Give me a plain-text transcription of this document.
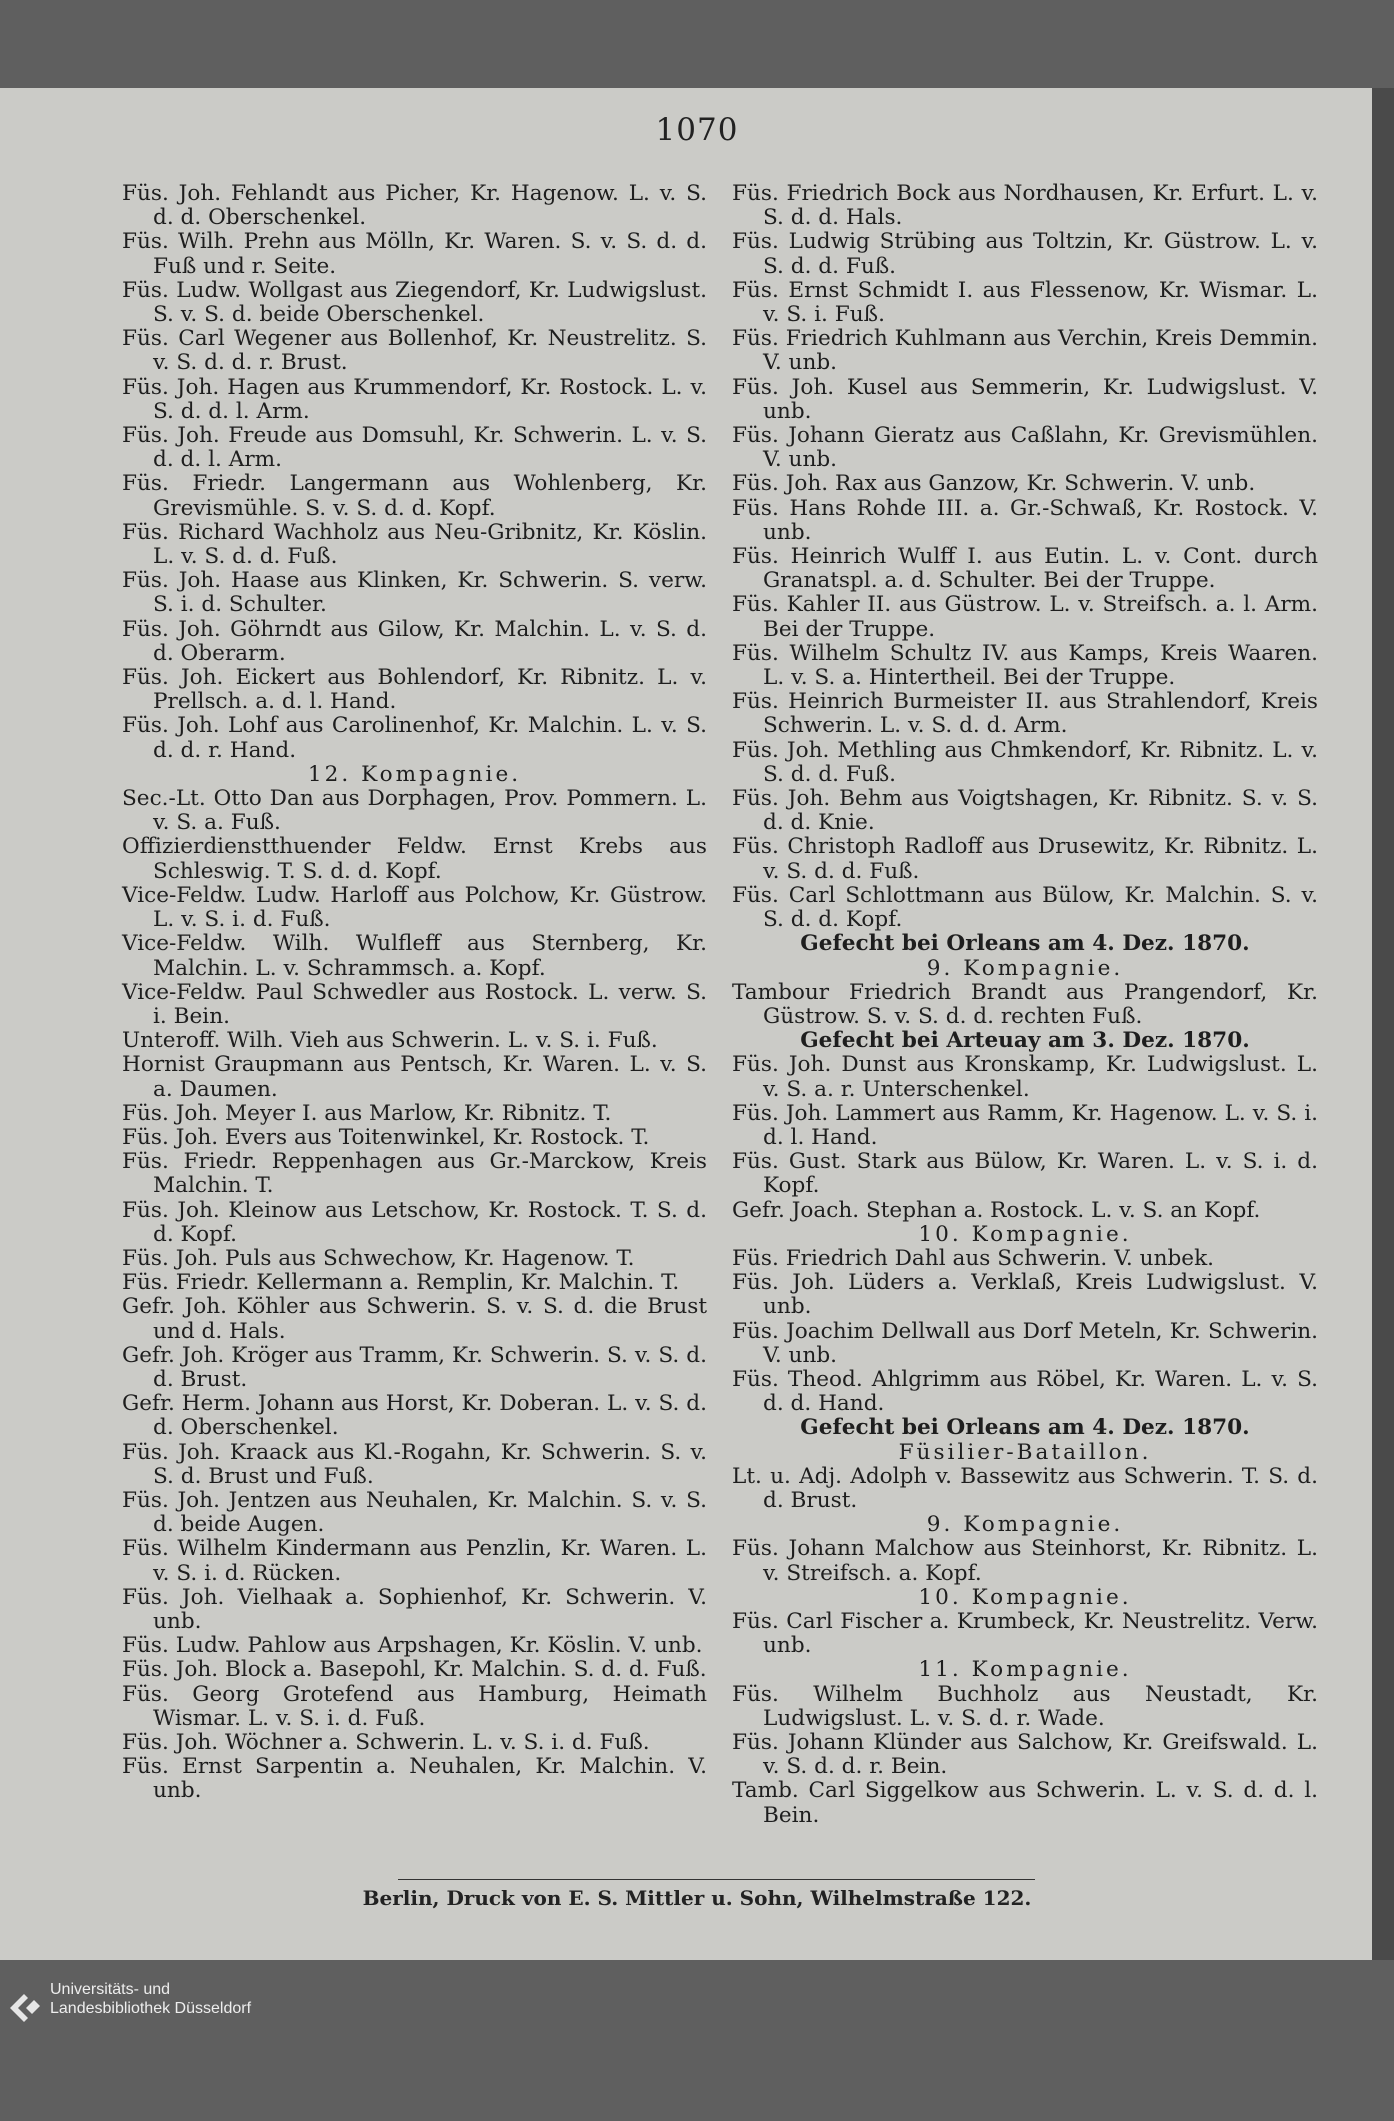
1070

Füs. Joh. Fehlandt aus Picher, Kr. Hagenow. L. v. S. d. d. Oberschenkel.

Füs. Wilh. Prehn aus Mölln, Kr. Waren. S. v. S. d. d. Fuß und r. Seite.

Füs. Ludw. Wollgast aus Ziegendorf, Kr. Ludwigslust. S. v. S. d. beide Oberschenkel.

Füs. Carl Wegener aus Bollenhof, Kr. Neustrelitz. S. v. S. d. d. r. Brust.

Füs. Joh. Hagen aus Krummendorf, Kr. Rostock. L. v. S. d. d. l. Arm.

Füs. Joh. Freude aus Domsuhl, Kr. Schwerin. L. v. S. d. d. l. Arm.

Füs. Friedr. Langermann aus Wohlenberg, Kr. Grevismühle. S. v. S. d. d. Kopf.

Füs. Richard Wachholz aus Neu-Gribnitz, Kr. Köslin. L. v. S. d. d. Fuß.

Füs. Joh. Haase aus Klinken, Kr. Schwerin. S. verw. S. i. d. Schulter.

Füs. Joh. Göhrndt aus Gilow, Kr. Malchin. L. v. S. d. d. Oberarm.

Füs. Joh. Eickert aus Bohlendorf, Kr. Ribnitz. L. v. Prellsch. a. d. l. Hand.

Füs. Joh. Lohf aus Carolinenhof, Kr. Malchin. L. v. S. d. d. r. Hand.

12. Kompagnie.

Sec.-Lt. Otto Dan aus Dorphagen, Prov. Pommern. L. v. S. a. Fuß.

Offizierdienstthuender Feldw. Ernst Krebs aus Schleswig. T. S. d. d. Kopf.

Vice-Feldw. Ludw. Harloff aus Polchow, Kr. Güstrow. L. v. S. i. d. Fuß.

Vice-Feldw. Wilh. Wulfleff aus Sternberg, Kr. Malchin. L. v. Schrammsch. a. Kopf.

Vice-Feldw. Paul Schwedler aus Rostock. L. verw. S. i. Bein.

Unteroff. Wilh. Vieh aus Schwerin. L. v. S. i. Fuß.

Hornist Graupmann aus Pentsch, Kr. Waren. L. v. S. a. Daumen.

Füs. Joh. Meyer I. aus Marlow, Kr. Ribnitz. T.

Füs. Joh. Evers aus Toitenwinkel, Kr. Rostock. T.

Füs. Friedr. Reppenhagen aus Gr.-Marckow, Kreis Malchin. T.

Füs. Joh. Kleinow aus Letschow, Kr. Rostock. T. S. d. d. Kopf.

Füs. Joh. Puls aus Schwechow, Kr. Hagenow. T.

Füs. Friedr. Kellermann a. Remplin, Kr. Malchin. T.

Gefr. Joh. Köhler aus Schwerin. S. v. S. d. die Brust und d. Hals.

Gefr. Joh. Kröger aus Tramm, Kr. Schwerin. S. v. S. d. d. Brust.

Gefr. Herm. Johann aus Horst, Kr. Doberan. L. v. S. d. d. Oberschenkel.

Füs. Joh. Kraack aus Kl.-Rogahn, Kr. Schwerin. S. v. S. d. Brust und Fuß.

Füs. Joh. Jentzen aus Neuhalen, Kr. Malchin. S. v. S. d. beide Augen.

Füs. Wilhelm Kindermann aus Penzlin, Kr. Waren. L. v. S. i. d. Rücken.

Füs. Joh. Vielhaak a. Sophienhof, Kr. Schwerin. V. unb.

Füs. Ludw. Pahlow aus Arpshagen, Kr. Köslin. V. unb.

Füs. Joh. Block a. Basepohl, Kr. Malchin. S. d. d. Fuß.

Füs. Georg Grotefend aus Hamburg, Heimath Wismar. L. v. S. i. d. Fuß.

Füs. Joh. Wöchner a. Schwerin. L. v. S. i. d. Fuß.

Füs. Ernst Sarpentin a. Neuhalen, Kr. Malchin. V. unb.

Füs. Friedrich Bock aus Nordhausen, Kr. Erfurt. L. v. S. d. d. Hals.

Füs. Ludwig Strübing aus Toltzin, Kr. Güstrow. L. v. S. d. d. Fuß.

Füs. Ernst Schmidt I. aus Flessenow, Kr. Wismar. L. v. S. i. Fuß.

Füs. Friedrich Kuhlmann aus Verchin, Kreis Demmin. V. unb.

Füs. Joh. Kusel aus Semmerin, Kr. Ludwigslust. V. unb.

Füs. Johann Gieratz aus Caßlahn, Kr. Grevismühlen. V. unb.

Füs. Joh. Rax aus Ganzow, Kr. Schwerin. V. unb.

Füs. Hans Rohde III. a. Gr.-Schwaß, Kr. Rostock. V. unb.

Füs. Heinrich Wulff I. aus Eutin. L. v. Cont. durch Granatspl. a. d. Schulter. Bei der Truppe.

Füs. Kahler II. aus Güstrow. L. v. Streifsch. a. l. Arm. Bei der Truppe.

Füs. Wilhelm Schultz IV. aus Kamps, Kreis Waaren. L. v. S. a. Hintertheil. Bei der Truppe.

Füs. Heinrich Burmeister II. aus Strahlendorf, Kreis Schwerin. L. v. S. d. d. Arm.

Füs. Joh. Methling aus Chmkendorf, Kr. Ribnitz. L. v. S. d. d. Fuß.

Füs. Joh. Behm aus Voigtshagen, Kr. Ribnitz. S. v. S. d. d. Knie.

Füs. Christoph Radloff aus Drusewitz, Kr. Ribnitz. L. v. S. d. d. Fuß.

Füs. Carl Schlottmann aus Bülow, Kr. Malchin. S. v. S. d. d. Kopf.

Gefecht bei Orleans am 4. Dez. 1870.

9. Kompagnie.

Tambour Friedrich Brandt aus Prangendorf, Kr. Güstrow. S. v. S. d. d. rechten Fuß.

Gefecht bei Arteuay am 3. Dez. 1870.

Füs. Joh. Dunst aus Kronskamp, Kr. Ludwigslust. L. v. S. a. r. Unterschenkel.

Füs. Joh. Lammert aus Ramm, Kr. Hagenow. L. v. S. i. d. l. Hand.

Füs. Gust. Stark aus Bülow, Kr. Waren. L. v. S. i. d. Kopf.

Gefr. Joach. Stephan a. Rostock. L. v. S. an Kopf.

10. Kompagnie.

Füs. Friedrich Dahl aus Schwerin. V. unbek.

Füs. Joh. Lüders a. Verklaß, Kreis Ludwigslust. V. unb.

Füs. Joachim Dellwall aus Dorf Meteln, Kr. Schwerin. V. unb.

Füs. Theod. Ahlgrimm aus Röbel, Kr. Waren. L. v. S. d. d. Hand.

Gefecht bei Orleans am 4. Dez. 1870.

Füsilier-Bataillon.

Lt. u. Adj. Adolph v. Bassewitz aus Schwerin. T. S. d. d. Brust.

9. Kompagnie.

Füs. Johann Malchow aus Steinhorst, Kr. Ribnitz. L. v. Streifsch. a. Kopf.

10. Kompagnie.

Füs. Carl Fischer a. Krumbeck, Kr. Neustrelitz. Verw. unb.

11. Kompagnie.

Füs. Wilhelm Buchholz aus Neustadt, Kr. Ludwigslust. L. v. S. d. r. Wade.

Füs. Johann Klünder aus Salchow, Kr. Greifswald. L. v. S. d. d. r. Bein.

Tamb. Carl Siggelkow aus Schwerin. L. v. S. d. d. l. Bein.

Berlin, Druck von E. S. Mittler u. Sohn, Wilhelmstraße 122.
Universitäts- und
Landesbibliothek Düsseldorf
